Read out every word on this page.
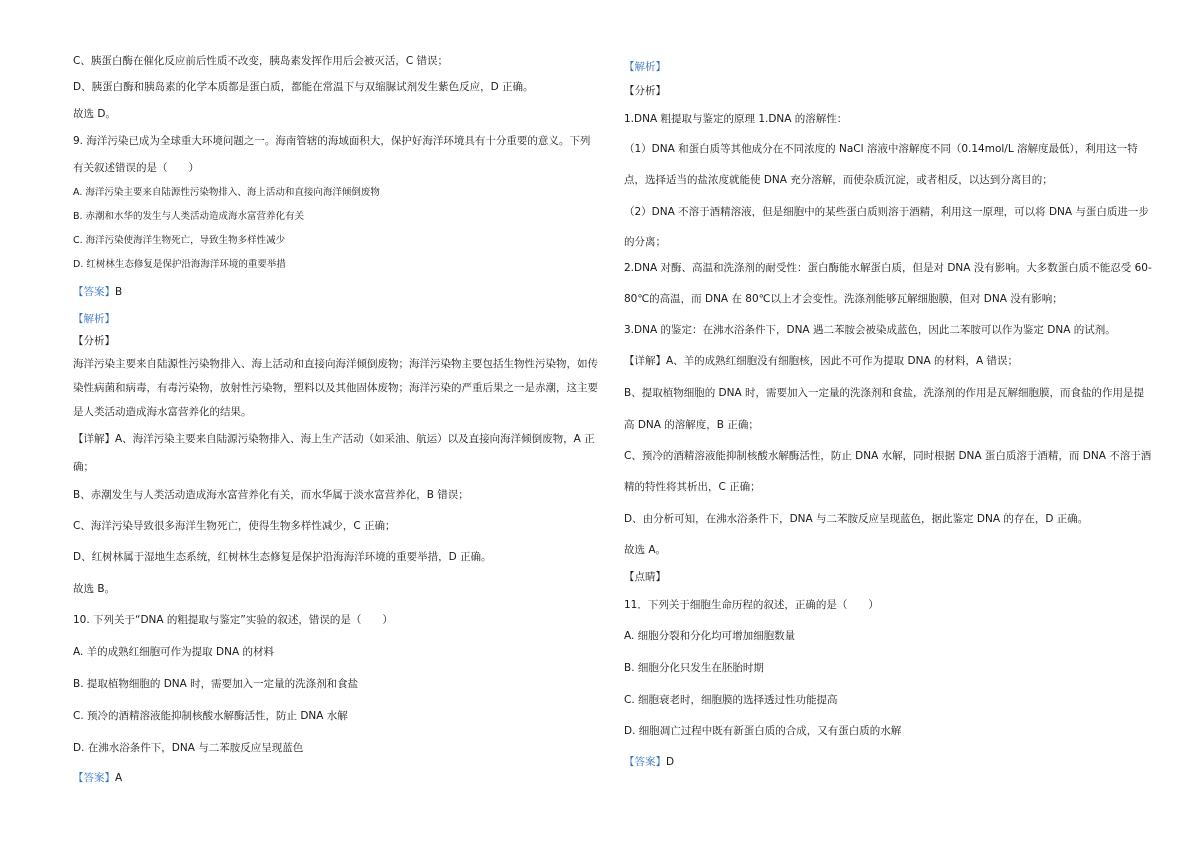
C、胰蛋白酶在催化反应前后性质不改变，胰岛素发挥作用后会被灭活，C 错误；
D、胰蛋白酶和胰岛素的化学本质都是蛋白质，都能在常温下与双缩脲试剂发生紫色反应，D 正确。
故选 D。
9. 海洋污染已成为全球重大环境问题之一。海南管辖的海域面积大，保护好海洋环境具有十分重要的意义。下列
有关叙述错误的是（　　）
A. 海洋污染主要来自陆源性污染物排入、海上活动和直接向海洋倾倒废物
B. 赤潮和水华的发生与人类活动造成海水富营养化有关
C. 海洋污染使海洋生物死亡，导致生物多样性减少
D. 红树林生态修复是保护沿海海洋环境的重要举措
【答案】B
【解析】
【分析】
海洋污染主要来自陆源性污染物排入、海上活动和直接向海洋倾倒废物；海洋污染物主要包括生物性污染物，如传
染性病菌和病毒，有毒污染物，放射性污染物，塑料以及其他固体废物；海洋污染的严重后果之一是赤潮，这主要
是人类活动造成海水富营养化的结果。
【详解】A、海洋污染主要来自陆源污染物排入、海上生产活动（如采油、航运）以及直接向海洋倾倒废物，A 正
确；
B、赤潮发生与人类活动造成海水富营养化有关，而水华属于淡水富营养化，B 错误；
C、海洋污染导致很多海洋生物死亡，使得生物多样性减少，C 正确；
D、红树林属于湿地生态系统，红树林生态修复是保护沿海海洋环境的重要举措，D 正确。
故选 B。
10. 下列关于“DNA 的粗提取与鉴定”实验的叙述，错误的是（　　）
A. 羊的成熟红细胞可作为提取 DNA 的材料
B. 提取植物细胞的 DNA 时，需要加入一定量的洗涤剂和食盐
C. 预冷的酒精溶液能抑制核酸水解酶活性，防止 DNA 水解
D. 在沸水浴条件下，DNA 与二苯胺反应呈现蓝色
【答案】A
【解析】
【分析】
1.DNA 粗提取与鉴定的原理 1.DNA 的溶解性：
（1）DNA 和蛋白质等其他成分在不同浓度的 NaCl 溶液中溶解度不同（0.14mol/L 溶解度最低），利用这一特
点，选择适当的盐浓度就能使 DNA 充分溶解，而使杂质沉淀，或者相反，以达到分离目的；
（2）DNA 不溶于酒精溶液，但是细胞中的某些蛋白质则溶于酒精，利用这一原理，可以将 DNA 与蛋白质进一步
的分离；
2.DNA 对酶、高温和洗涤剂的耐受性：蛋白酶能水解蛋白质，但是对 DNA 没有影响。大多数蛋白质不能忍受 60-
80℃的高温，而 DNA 在 80℃以上才会变性。洗涤剂能够瓦解细胞膜，但对 DNA 没有影响；
3.DNA 的鉴定：在沸水浴条件下，DNA 遇二苯胺会被染成蓝色，因此二苯胺可以作为鉴定 DNA 的试剂。
【详解】A、羊的成熟红细胞没有细胞核，因此不可作为提取 DNA 的材料，A 错误；
B、提取植物细胞的 DNA 时，需要加入一定量的洗涤剂和食盐，洗涤剂的作用是瓦解细胞膜，而食盐的作用是提
高 DNA 的溶解度，B 正确；
C、预冷的酒精溶液能抑制核酸水解酶活性，防止 DNA 水解，同时根据 DNA 蛋白质溶于酒精，而 DNA 不溶于酒
精的特性将其析出，C 正确；
D、由分析可知，在沸水浴条件下，DNA 与二苯胺反应呈现蓝色，据此鉴定 DNA 的存在，D 正确。
故选 A。
【点睛】
11．下列关于细胞生命历程的叙述，正确的是（　　）
A. 细胞分裂和分化均可增加细胞数量
B. 细胞分化只发生在胚胎时期
C. 细胞衰老时，细胞膜的选择透过性功能提高
D. 细胞凋亡过程中既有新蛋白质的合成，又有蛋白质的水解
【答案】D
